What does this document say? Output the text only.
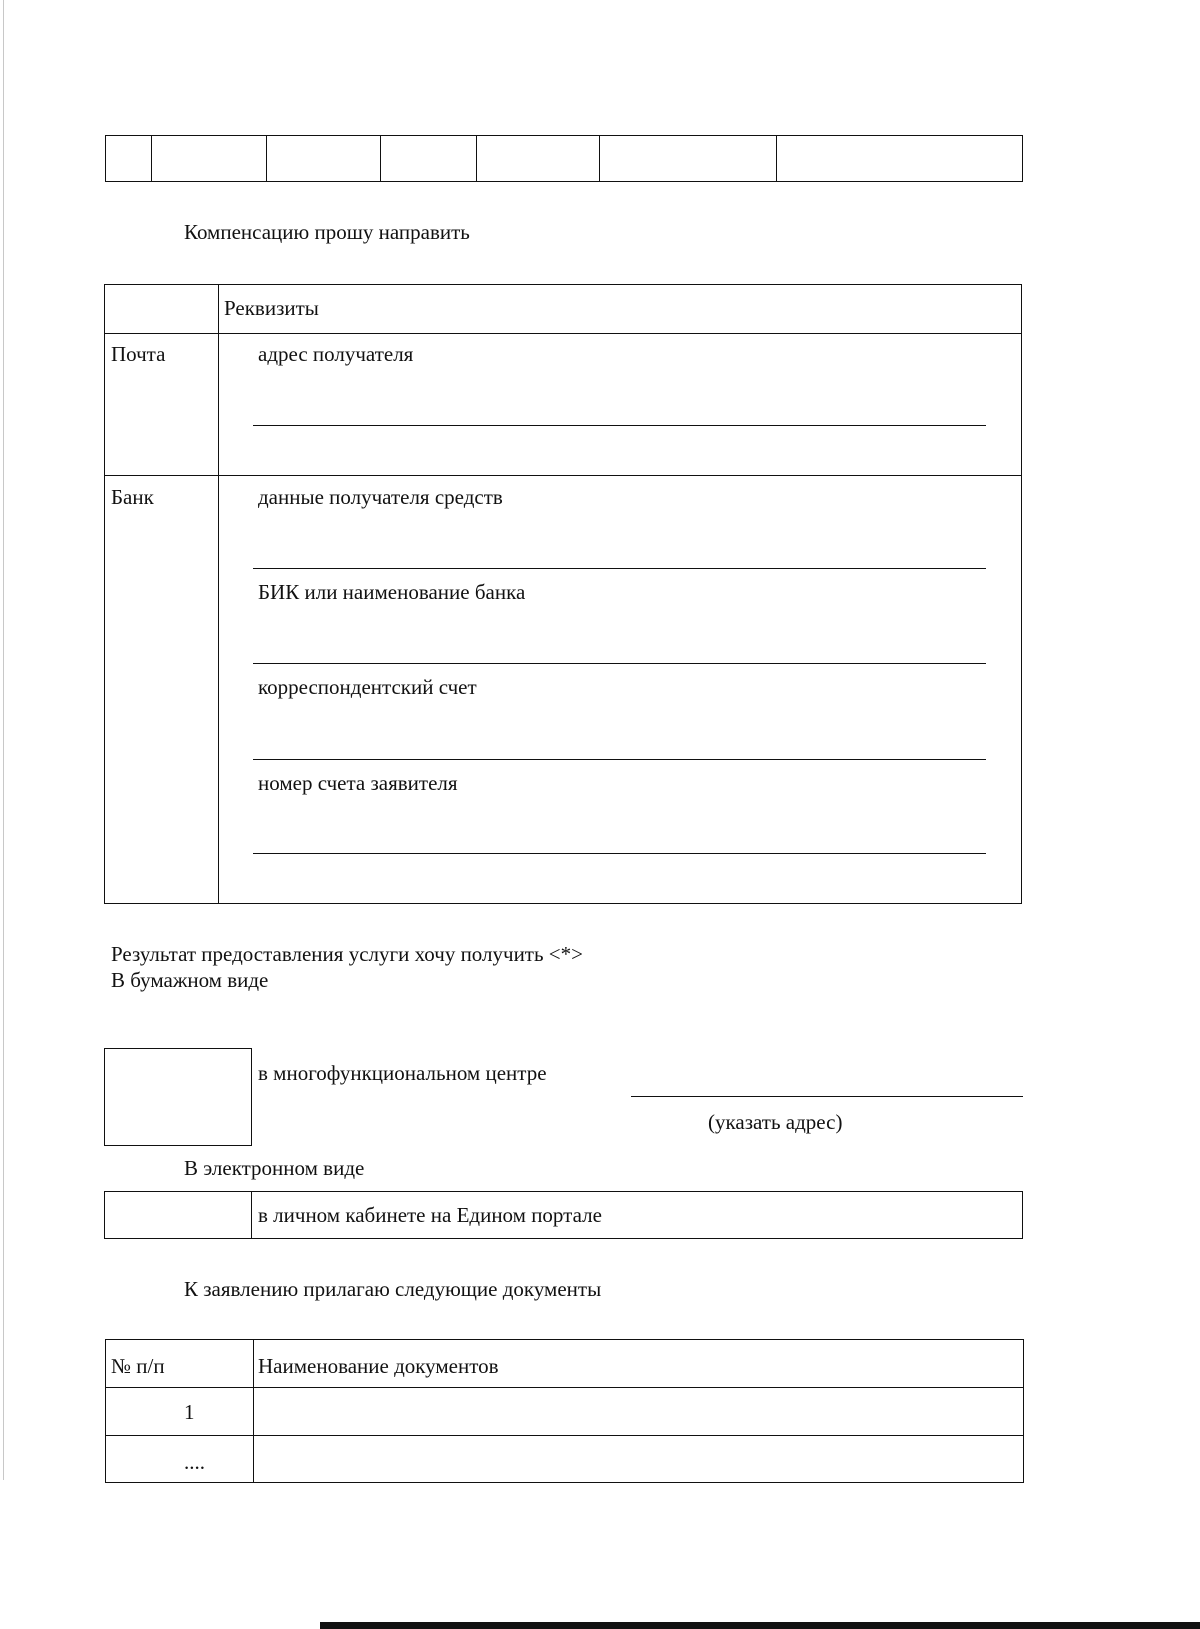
Компенсацию прошу направить
Реквизиты
Почта	адрес получателя
Банк	данные получателя средств
БИК или наименование банка
корреспондентский счет
номер счета заявителя
Результат предоставления услуги хочу получить <*>
В бумажном виде
в многофункциональном центре
(указать адрес)
В электронном виде
в личном кабинете на Едином портале
К заявлению прилагаю следующие документы
№ п/п	Наименование документов
1
....
